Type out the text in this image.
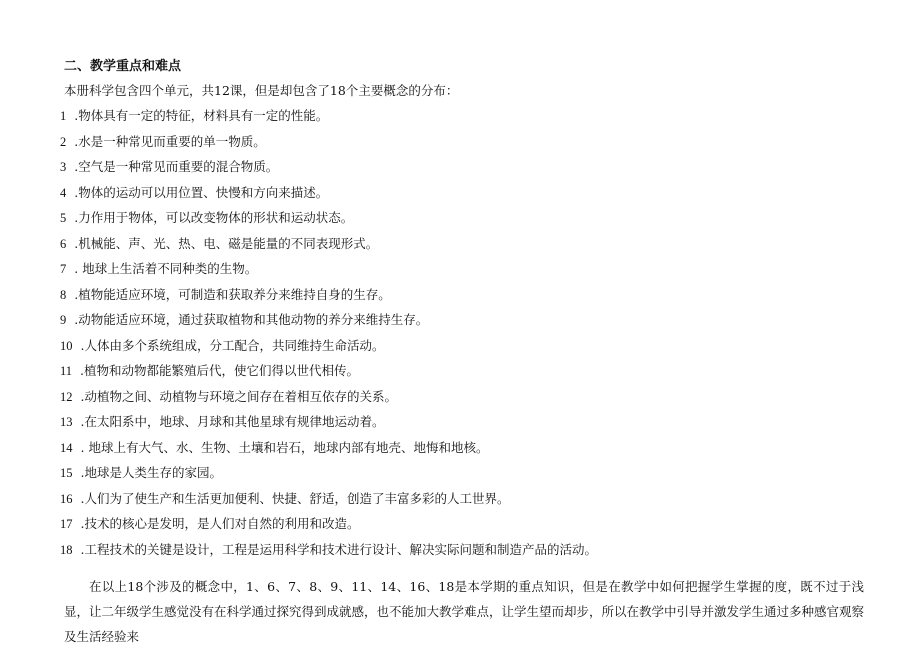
二、教学重点和难点
本册科学包含四个单元，共12课，但是却包含了18个主要概念的分布：
1 .物体具有一定的特征，材料具有一定的性能。
2 .水是一种常见而重要的单一物质。
3 .空气是一种常见而重要的混合物质。
4 .物体的运动可以用位置、快慢和方向来描述。
5 .力作用于物体，可以改变物体的形状和运动状态。
6 .机械能、声、光、热、电、磁是能量的不同表现形式。
7 . 地球上生活着不同种类的生物。
8 .植物能适应环境，可制造和获取养分来维持自身的生存。
9 .动物能适应环境，通过获取植物和其他动物的养分来维持生存。
10 .人体由多个系统组成，分工配合，共同维持生命活动。
11 .植物和动物都能繁殖后代，使它们得以世代相传。
12 .动植物之间、动植物与环境之间存在着相互依存的关系。
13 .在太阳系中，地球、月球和其他星球有规律地运动着。
14 . 地球上有大气、水、生物、土壤和岩石，地球内部有地壳、地悔和地核。
15 .地球是人类生存的家园。
16 .人们为了使生产和生活更加便利、快捷、舒适，创造了丰富多彩的人工世界。
17 .技术的核心是发明，是人们对自然的利用和改造。
18 .工程技术的关键是设计，工程是运用科学和技术进行设计、解决实际问题和制造产品的活动。
在以上18个涉及的概念中，1、6、7、8、9、11、14、16、18是本学期的重点知识，但是在教学中如何把握学生掌握的度，既不过于浅显，让二年级学生感觉没有在科学通过探究得到成就感，也不能加大教学难点，让学生望而却步，所以在教学中引导并激发学生通过多种感官观察及生活经验来
